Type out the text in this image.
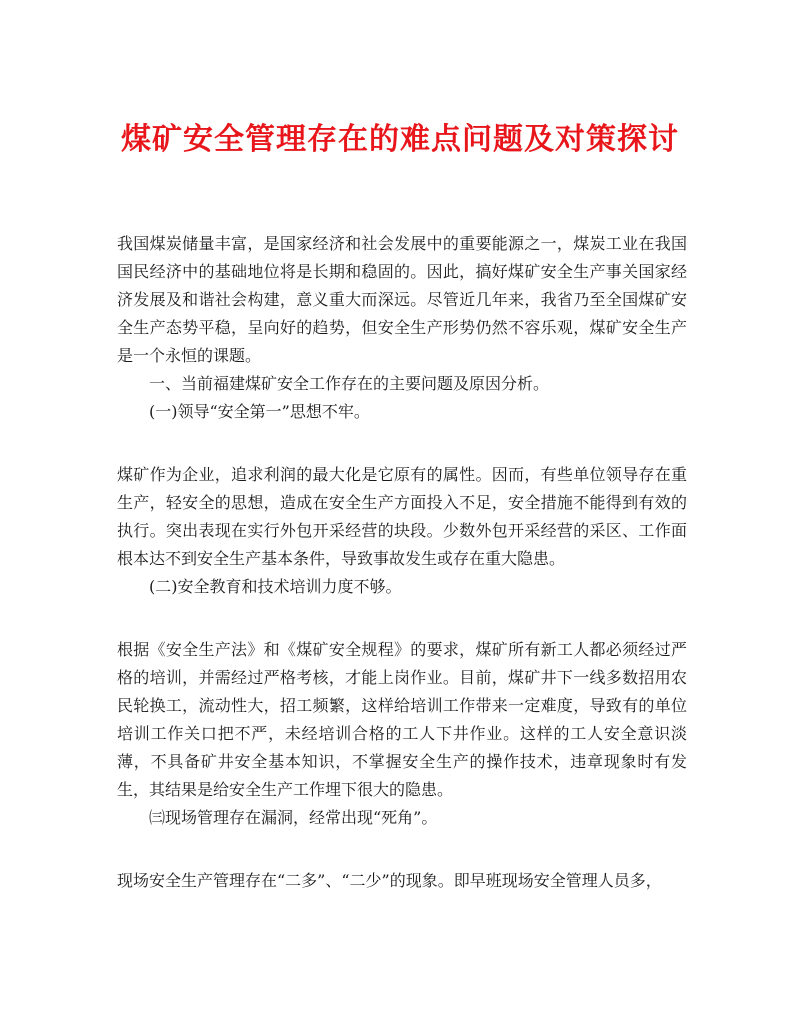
煤矿安全管理存在的难点问题及对策探讨

我国煤炭储量丰富，是国家经济和社会发展中的重要能源之一，煤炭工业在我国国民经济中的基础地位将是长期和稳固的。因此，搞好煤矿安全生产事关国家经济发展及和谐社会构建，意义重大而深远。尽管近几年来，我省乃至全国煤矿安全生产态势平稳，呈向好的趋势，但安全生产形势仍然不容乐观，煤矿安全生产是一个永恒的课题。

一、当前福建煤矿安全工作存在的主要问题及原因分析。

(一)领导“安全第一”思想不牢。

煤矿作为企业，追求利润的最大化是它原有的属性。因而，有些单位领导存在重生产，轻安全的思想，造成在安全生产方面投入不足，安全措施不能得到有效的执行。突出表现在实行外包开采经营的块段。少数外包开采经营的采区、工作面根本达不到安全生产基本条件，导致事故发生或存在重大隐患。

(二)安全教育和技术培训力度不够。

根据《安全生产法》和《煤矿安全规程》的要求，煤矿所有新工人都必须经过严格的培训，并需经过严格考核，才能上岗作业。目前，煤矿井下一线多数招用农民轮换工，流动性大，招工频繁，这样给培训工作带来一定难度，导致有的单位培训工作关口把不严，未经培训合格的工人下井作业。这样的工人安全意识淡薄，不具备矿井安全基本知识，不掌握安全生产的操作技术，违章现象时有发生，其结果是给安全生产工作埋下很大的隐患。

㈢现场管理存在漏洞，经常出现“死角”。

现场安全生产管理存在“二多”、“二少”的现象。即早班现场安全管理人员多，
